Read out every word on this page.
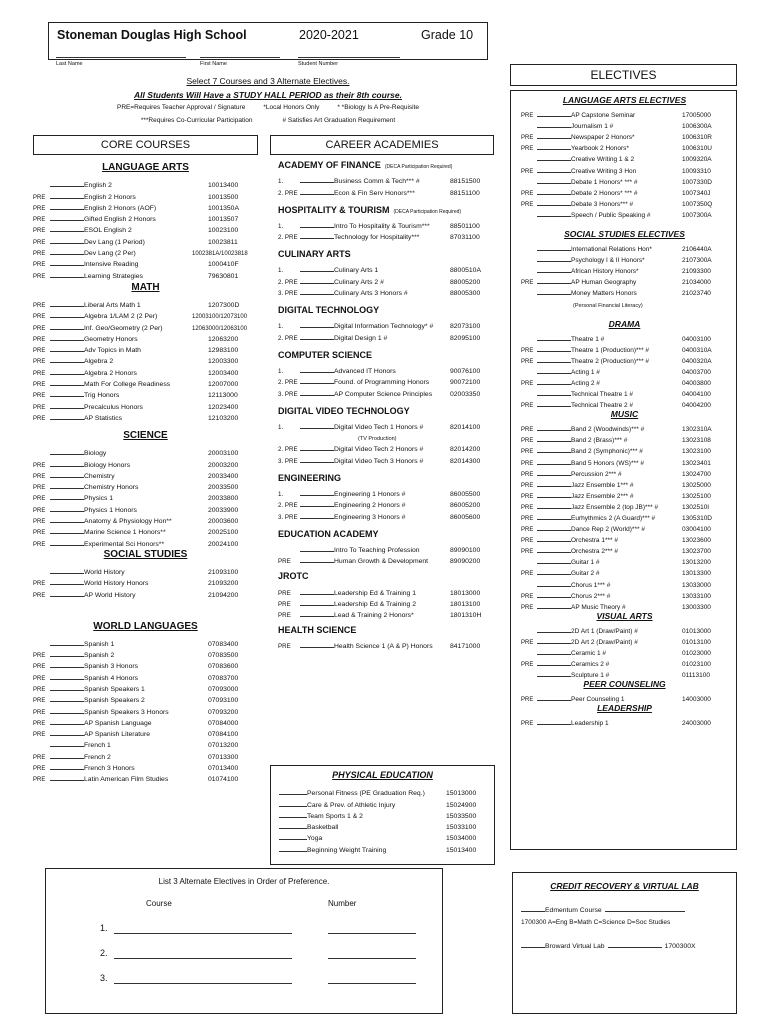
Stoneman Douglas High School	2020-2021	Grade 10
Last Name	First Name	Student Number
Select 7 Courses and 3 Alternate Electives.
All Students Will Have a STUDY HALL PERIOD as their 8th course.
PRE=Requires Teacher Approval / Signature	*Local Honors Only	* *Biology Is A Pre-Requisite
***Requires Co-Curricular Participation	# Satisfies Art Graduation Requirement
CORE COURSES	CAREER ACADEMIES
ELECTIVES
LANGUAGE ARTS
English 2	10013400
PRE	English 2 Honors	10013500
PRE	English 2 Honors (AOF)	1001350A
PRE	Gifted English 2 Honors	10013507
PRE	ESOL English 2	10023100
PRE	Dev Lang (1 Period)	10023811
PRE	Dev Lang (2 Per)	1002381A/10023818
PRE	Intensive Reading	1000410F
PRE	Learning Strategies	79630801
MATH
PRE	Liberal Arts Math 1	1207300D
PRE	Algebra 1/LAM 2 (2 Per)	12003100/12073100
PRE	Inf. Geo/Geometry (2 Per)	12063000/12063100
PRE	Geometry Honors	12063200
PRE	Adv Topics in Math	12983100
PRE	Algebra 2	12003300
PRE	Algebra 2 Honors	12003400
PRE	Math For College Readiness	12007000
PRE	Trig Honors	12113000
PRE	Precalculus Honors	12023400
PRE	AP Statistics	12103200
SCIENCE
Biology	20003100
PRE	Biology Honors	20003200
PRE	Chemistry	20033400
PRE	Chemistry Honors	20033500
PRE	Physics 1	20033800
PRE	Physics 1 Honors	20033900
PRE	Anatomy & Physiology Hon**	20003600
PRE	Marine Science 1 Honors**	20025100
PRE	Experimental Sci Honors**	20024100
SOCIAL STUDIES
World History	21093100
PRE	World History Honors	21093200
PRE	AP World History	21094200
WORLD LANGUAGES
Spanish 1	07083400
PRE	Spanish 2	07083500
PRE	Spanish 3 Honors	07083600
PRE	Spanish 4 Honors	07083700
PRE	Spanish Speakers 1	07093000
PRE	Spanish Speakers 2	07093100
PRE	Spanish Speakers 3 Honors	07093200
PRE	AP Spanish Language	07084000
PRE	AP Spanish Literature	07084100
French 1	07013200
PRE	French 2	07013300
PRE	French 3 Honors	07013400
PRE	Latin American Film Studies	01074100
ACADEMY OF FINANCE (DECA Participation Required)
1.	Business Comm & Tech*** #	88151500
2. PRE	Econ & Fin Serv Honors***	88151100
HOSPITALITY & TOURISM (DECA Participation Required)
1.	Intro To Hospitality & Tourism***	88501100
2. PRE	Technology for Hospitality***	87031100
CULINARY ARTS
1.	Culinary Arts 1	8800510A
2. PRE	Culinary Arts 2 #	88005200
3. PRE	Culinary Arts 3 Honors #	88005300
DIGITAL TECHNOLOGY
1.	Digital Information Technology* #	82073100
2. PRE	Digital Design 1 #	82095100
COMPUTER SCIENCE
1.	Advanced IT Honors	90076100
2. PRE	Found. of Programming Honors	90072100
3. PRE	AP Computer Science Principles	02003350
DIGITAL VIDEO TECHNOLOGY
1.	Digital Video Tech 1 Honors #	82014100
(TV Production)
2. PRE	Digital Video Tech 2 Honors #	82014200
3. PRE	Digital Video Tech 3 Honors #	82014300
ENGINEERING
1.	Engineering 1 Honors #	86005500
2. PRE	Engineering 2 Honors #	86005200
3. PRE	Engineering 3 Honors #	86005600
EDUCATION ACADEMY
Intro To Teaching Profession	89090100
PRE	Human Growth & Development	89090200
JROTC
PRE	Leadership Ed & Training 1	18013000
PRE	Leadership Ed & Training 2	18013100
PRE	Lead & Training 2 Honors*	1801310H
HEALTH SCIENCE
PRE	Health Science 1 (A & P) Honors	84171000
PHYSICAL EDUCATION
Personal Fitness (PE Graduation Req.)	15013000
Care & Prev. of Athletic Injury	15024900
Team Sports 1 & 2	15033500
Basketball	15033100
Yoga	15034000
Beginning Weight Training	15013400
LANGUAGE ARTS ELECTIVES
PRE	AP Capstone Seminar	17005000
Journalism 1 #	1006300A
PRE	Newspaper 2 Honors*	1006310R
PRE	Yearbook 2 Honors*	1006310U
Creative Writing 1 & 2	1009320A
PRE	Creative Writing 3 Hon	10093310
Debate 1 Honors* *** #	1007330D
PRE	Debate 2 Honors* *** #	1007340J
PRE	Debate 3 Honors*** #	1007350Q
Speech / Public Speaking #	1007300A
SOCIAL STUDIES ELECTIVES
International Relations Hon*	2106440A
Psychology I & II Honors*	2107300A
African History Honors*	21093300
PRE	AP Human Geography	21034000
Money Matters Honors	21023740
(Personal Financial Literacy)
DRAMA
Theatre 1 #	04003100
PRE	Theatre 1 (Production)*** #	0400310A
PRE	Theatre 2 (Production)*** #	0400320A
Acting 1 #	04003700
PRE	Acting 2 #	04003800
Technical Theatre 1 #	04004100
PRE	Technical Theatre 2 #	04004200
MUSIC
PRE	Band 2 (Woodwinds)*** #	1302310A
PRE	Band 2 (Brass)*** #	13023108
PRE	Band 2 (Symphonic)*** #	13023100
PRE	Band 5 Honors (WS)*** #	13023401
PRE	Percussion 2*** #	13024700
PRE	Jazz Ensemble 1*** #	13025000
PRE	Jazz Ensemble 2*** #	13025100
PRE	Jazz Ensemble 2 (top JB)*** #	1302510I
PRE	Eurhythmics 2 (A Guard)*** #	1305310D
PRE	Dance Rep 2 (World)*** #	03004100
PRE	Orchestra 1*** #	13023600
PRE	Orchestra 2*** #	13023700
Guitar 1 #	13013200
PRE	Guitar 2 #	13013300
Chorus 1*** #	13033000
PRE	Chorus 2*** #	13033100
PRE	AP Music Theory #	13003300
VISUAL ARTS
2D Art 1 (Draw/Paint) #	01013000
PRE	2D Art 2 (Draw/Paint) #	01013100
Ceramic 1 #	01023000
PRE	Ceramics 2 #	01023100
Sculpture 1 #	01113100
PEER COUNSELING
PRE	Peer Counseling 1	14003000
LEADERSHIP
PRE	Leadership 1	24003000
List 3 Alternate Electives in Order of Preference.
Course	Number
1.
2.
3.
CREDIT RECOVERY & VIRTUAL LAB
Edmentum Course
1700300 A=Eng B=Math C=Science D=Soc Studies
Broward Virtual Lab	1700300X
